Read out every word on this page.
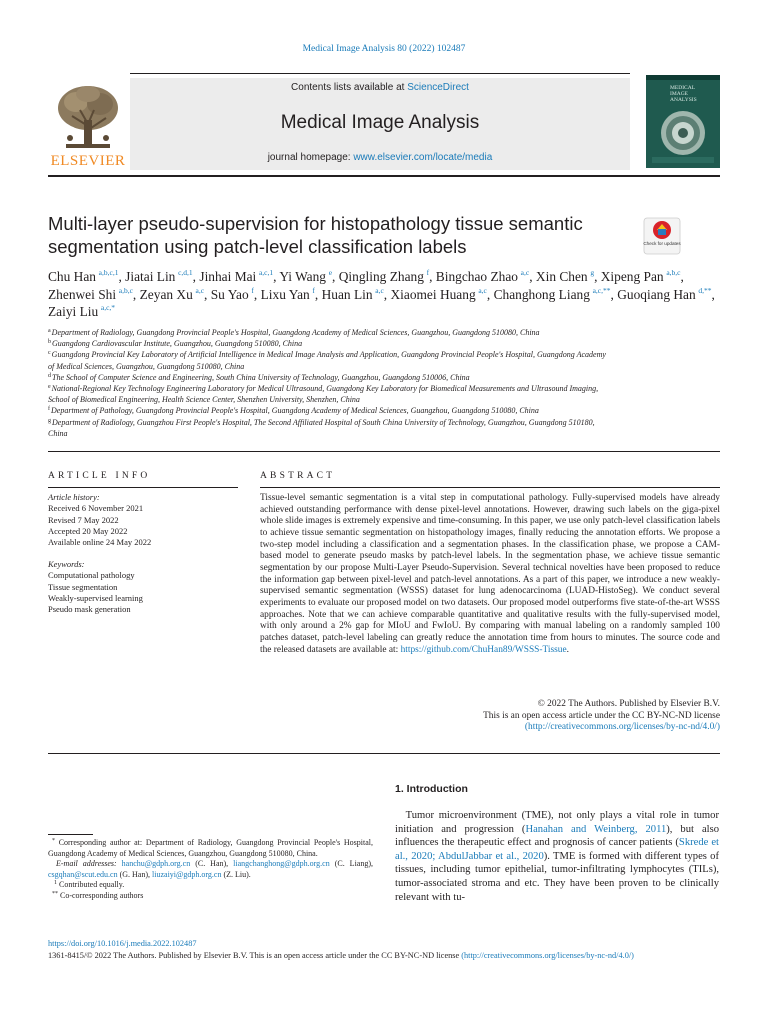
Medical Image Analysis 80 (2022) 102487
Contents lists available at ScienceDirect
Medical Image Analysis
journal homepage: www.elsevier.com/locate/media
ELSEVIER
MEDICAL
IMAGE
ANALYSIS
Multi-layer pseudo-supervision for histopathology tissue semantic segmentation using patch-level classification labels	Check for updates
Chu Han  $^{a,b,c,1}$, Jiatai Lin  $^{c,d,1}$, Jinhai Mai  $^{a,c,1}$, Yi Wang  $^e$, Qingling Zhang  $^f$, Bingchao Zhao  $^{a,c}$, Xin Chen  $^g$, Xipeng Pan  $^{a,b,c}$, Zhenwei Shi  $^{a,b,c}$, Zeyan Xu  $^{a,c}$, Su Yao  $^f$, Lixu Yan  $^f$, Huan Lin  $^{a,c}$, Xiaomei Huang  $^{a,c}$, Changhong Liang  $^{a,c,**}$, Guoqiang Han  $^{d,**}$, Zaiyi Liu  $^{a,c,*}$
$^a$Department of Radiology, Guangdong Provincial People's Hospital, Guangdong Academy of Medical Sciences, Guangzhou, Guangdong 510080, China
$^b$Guangdong Cardiovascular Institute, Guangzhou, Guangdong 510080, China
$^c$Guangdong Provincial Key Laboratory of Artificial Intelligence in Medical Image Analysis and Application, Guangdong Provincial People's Hospital, Guangdong Academy of Medical Sciences, Guangzhou, Guangdong 510080, China
$^d$The School of Computer Science and Engineering, South China University of Technology, Guangzhou, Guangdong 510006, China
$^e$National-Regional Key Technology Engineering Laboratory for Medical Ultrasound, Guangdong Key Laboratory for Biomedical Measurements and Ultrasound Imaging, School of Biomedical Engineering, Health Science Center, Shenzhen University, Shenzhen, China
$^f$Department of Pathology, Guangdong Provincial People's Hospital, Guangdong Academy of Medical Sciences, Guangzhou, Guangdong 510080, China
$^g$Department of Radiology, Guangzhou First People's Hospital, The Second Affiliated Hospital of South China University of Technology, Guangzhou, Guangdong 510180, China
ARTICLE INFO
Article history:
Received 6 November 2021
Revised 7 May 2022
Accepted 20 May 2022
Available online 24 May 2022
Keywords:
Computational pathology
Tissue segmentation
Weakly-supervised learning
Pseudo mask generation
ABSTRACT
Tissue-level semantic segmentation is a vital step in computational pathology. Fully-supervised models have already achieved outstanding performance with dense pixel-level annotations. However, drawing such labels on the giga-pixel whole slide images is extremely expensive and time-consuming. In this paper, we use only patch-level classification labels to achieve tissue semantic segmentation on histopathology images, finally reducing the annotation efforts. We propose a two-step model including a classification and a segmentation phases. In the classification phase, we propose a CAM-based model to generate pseudo masks by patch-level labels. In the segmentation phase, we achieve tissue semantic segmentation by our propose Multi-Layer Pseudo-Supervision. Several technical novelties have been proposed to reduce the information gap between pixel-level and patch-level annotations. As a part of this paper, we introduce a new weakly-supervised semantic segmentation (WSSS) dataset for lung adenocarcinoma (LUAD-HistoSeg). We conduct several experiments to evaluate our proposed model on two datasets. Our proposed model outperforms five state-of-the-art WSSS approaches. Note that we can achieve comparable quantitative and qualitative results with the fully-supervised model, with only around a 2% gap for MIoU and FwIoU. By comparing with manual labeling on a randomly sampled 100 patches dataset, patch-level labeling can greatly reduce the annotation time from hours to minutes. The source code and the released datasets are available at: https://github.com/ChuHan89/WSSS-Tissue.
© 2022 The Authors. Published by Elsevier B.V.
This is an open access article under the CC BY-NC-ND license
(http://creativecommons.org/licenses/by-nc-nd/4.0/)
1. Introduction
 Tumor microenvironment (TME), not only plays a vital role in tumor initiation and progression (Hanahan and Weinberg, 2011), but also influences the therapeutic effect and prognosis of cancer patients (Skrede et al., 2020; AbdulJabbar et al., 2020). TME is formed with different types of tissues, including tumor epithelial, tumor-infiltrating lymphocytes (TILs), tumor-associated stroma and etc. They have been proven to be clinically relevant with tu-
 * Corresponding author at: Department of Radiology, Guangdong Provincial People's Hospital, Guangdong Academy of Medical Sciences, Guangzhou, Guangdong 510080, China.
 E-mail addresses: hanchu@gdph.org.cn (C. Han), liangchanghong@gdph.org.cn (C. Liang), csgqhan@scut.edu.cn (G. Han), liuzaiyi@gdph.org.cn (Z. Liu).
  $^1$ Contributed equally.
 ** Co-corresponding authors
https://doi.org/10.1016/j.media.2022.102487
1361-8415/© 2022 The Authors. Published by Elsevier B.V. This is an open access article under the CC BY-NC-ND license (http://creativecommons.org/licenses/by-nc-nd/4.0/)
